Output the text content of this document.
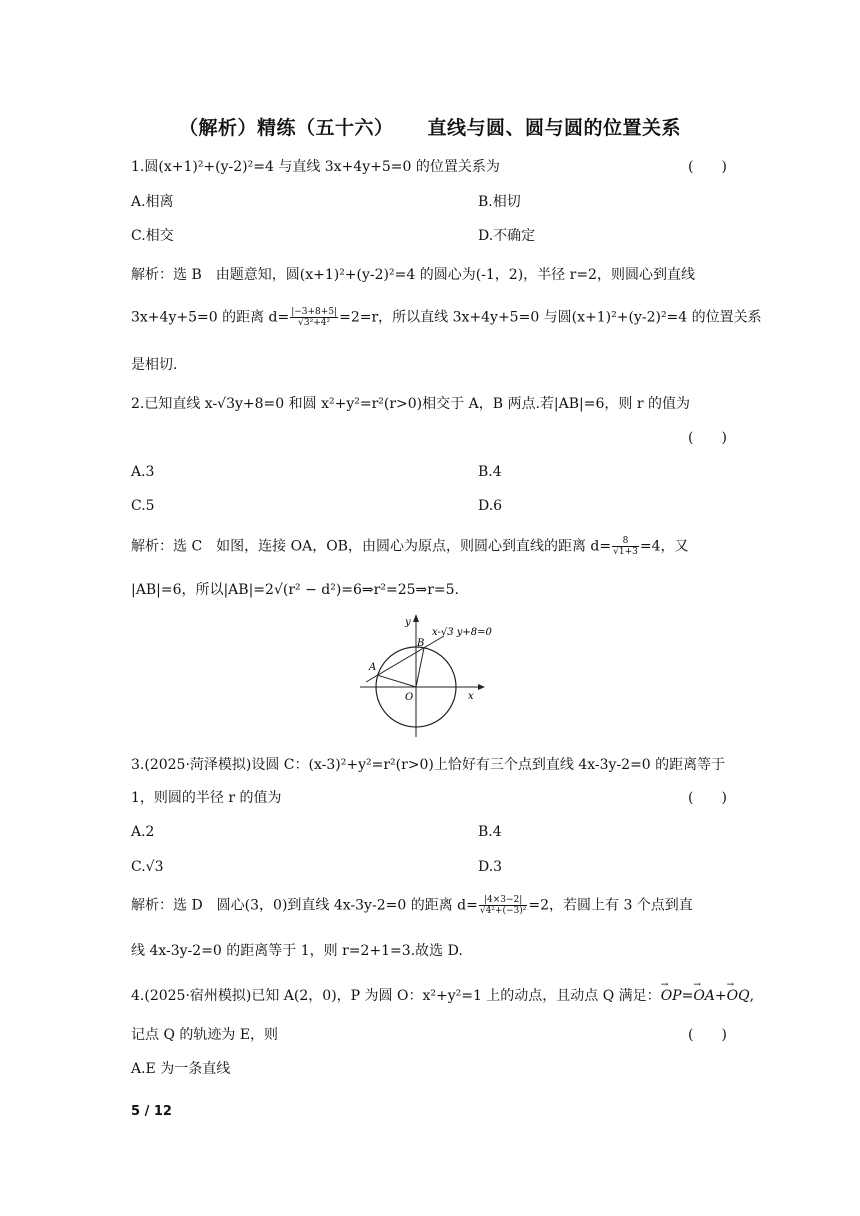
（解析）精练（五十六） 直线与圆、圆与圆的位置关系
1.圆(x+1)²+(y-2)²=4 与直线 3x+4y+5=0 的位置关系为	(　　)
A.相离	B.相切
C.相交	D.不确定
解析：选 B　由题意知，圆(x+1)²+(y-2)²=4 的圆心为(-1，2)，半径 r=2，则圆心到直线
3x+4y+5=0 的距离 $d= \frac{|-3+8+5|}{\text{√3²+4²}} =2=r$，所以直线 3x+4y+5=0 与圆(x+1)²+(y-2)²=4 的位置关系
是相切.
2.已知直线 x-√3y+8=0 和圆 x²+y²=r²(r>0)相交于 A，B 两点.若|AB|=6，则 r 的值为
(　　)
A.3	B.4
C.5	D.6
解析：选 C　如图，连接 OA，OB，由圆心为原点，则圆心到直线的距离 $d= \frac{8}{√1+3} =4$，又
|AB|=6，所以|AB|=2√(r² − d²)=6⇒r²=25⇒r=5.
x-√3 y+8=0
y
x
O
A
B
3.(2025·菏泽模拟)设圆 C：(x-3)²+y²=r²(r>0)上恰好有三个点到直线 4x-3y-2=0 的距离等于
1，则圆的半径 r 的值为	(　　)
A.2	B.4
C.√3	D.3
解析：选 D　圆心(3，0)到直线 4x-3y-2=0 的距离 $d= \frac{|4\times 3-2|}{\text{√4²+(−3)²}} =2$，若圆上有 3 个点到直
线 4x-3y-2=0 的距离等于 1，则 r=2+1=3.故选 D.
4.(2025·宿州模拟)已知 A(2，0)，P 为圆 O：x²+y²=1 上的动点，且动点 Q 满足：→ OP=→ OA+→ OQ,
记点 Q 的轨迹为 E，则	(　　)
A.E 为一条直线
5 / 12
